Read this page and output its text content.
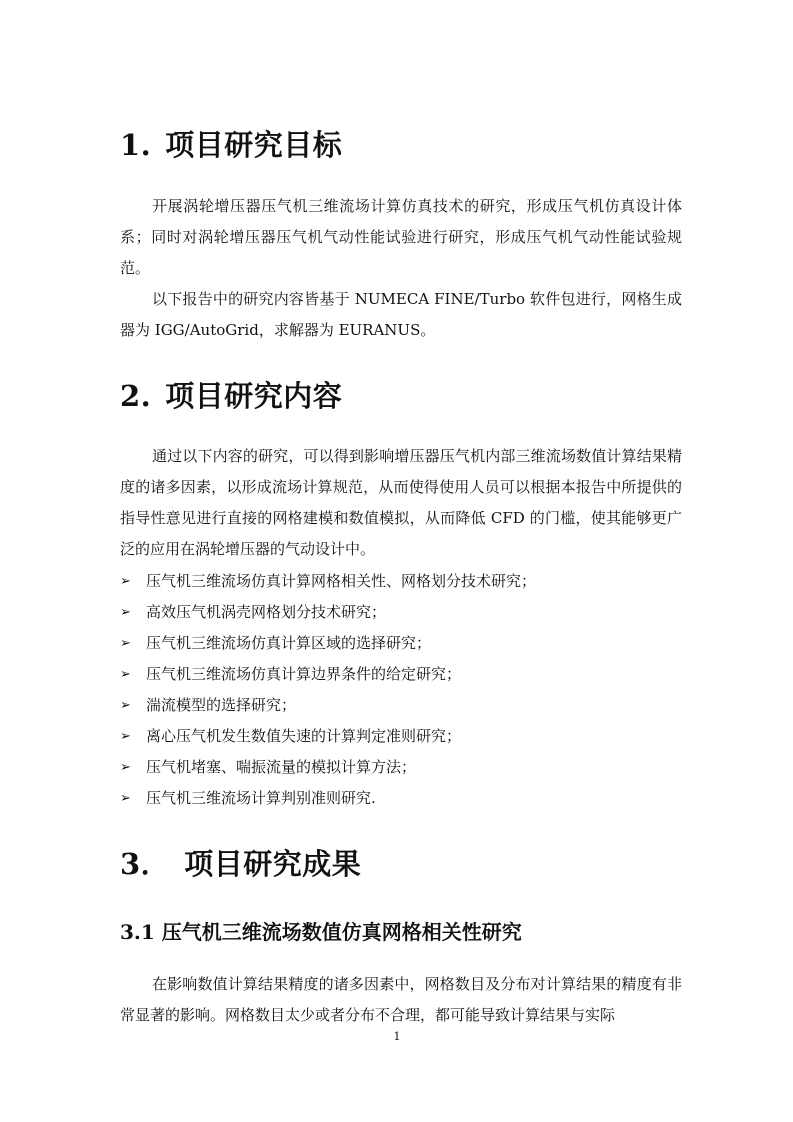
1. 项目研究目标

开展涡轮增压器压气机三维流场计算仿真技术的研究，形成压气机仿真设计体系；同时对涡轮增压器压气机气动性能试验进行研究，形成压气机气动性能试验规范。

以下报告中的研究内容皆基于 NUMECA FINE/Turbo 软件包进行，网格生成器为 IGG/AutoGrid，求解器为 EURANUS。

2. 项目研究内容

通过以下内容的研究，可以得到影响增压器压气机内部三维流场数值计算结果精度的诸多因素，以形成流场计算规范，从而使得使用人员可以根据本报告中所提供的指导性意见进行直接的网格建模和数值模拟，从而降低 CFD 的门槛，使其能够更广泛的应用在涡轮增压器的气动设计中。

➢	压气机三维流场仿真计算网格相关性、网格划分技术研究；
➢	高效压气机涡壳网格划分技术研究；
➢	压气机三维流场仿真计算区域的选择研究；
➢	压气机三维流场仿真计算边界条件的给定研究；
➢	湍流模型的选择研究；
➢	离心压气机发生数值失速的计算判定准则研究；
➢	压气机堵塞、喘振流量的模拟计算方法；
➢	压气机三维流场计算判别准则研究.
3． 项目研究成果
3.1 压气机三维流场数值仿真网格相关性研究

在影响数值计算结果精度的诸多因素中，网格数目及分布对计算结果的精度有非常显著的影响。网格数目太少或者分布不合理，都可能导致计算结果与实际

1
